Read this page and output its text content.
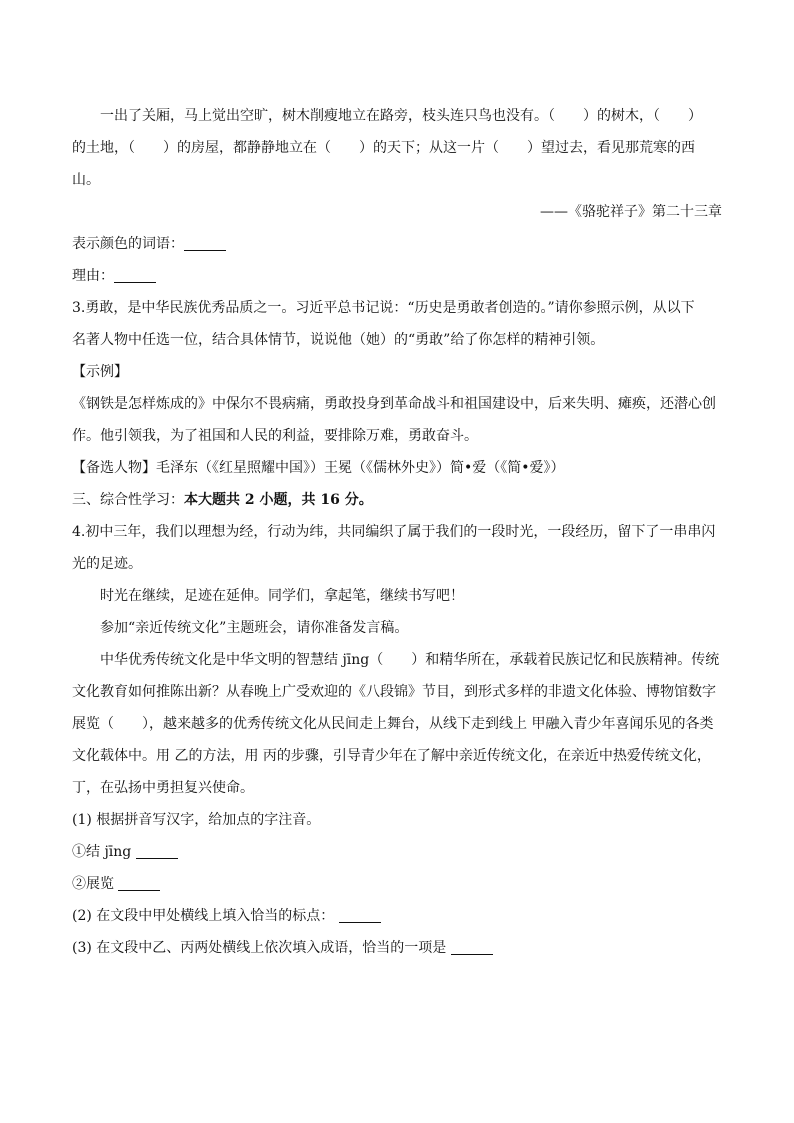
一出了关厢，马上觉出空旷，树木削瘦地立在路旁，枝头连只鸟也没有。（　　）的树木，（　　）

的土地，（　　）的房屋，都静静地立在（　　）的天下；从这一片（　　）望过去，看见那荒寒的西

山。

——《骆驼祥子》第二十三章

表示颜色的词语：

理由：

3.勇敢，是中华民族优秀品质之一。习近平总书记说：“历史是勇敢者创造的。”请你参照示例，从以下

名著人物中任选一位，结合具体情节，说说他（她）的“勇敢”给了你怎样的精神引领。

【示例】

《钢铁是怎样炼成的》中保尔不畏病痛，勇敢投身到革命战斗和祖国建设中，后来失明、瘫痪，还潜心创

作。他引领我，为了祖国和人民的利益，要排除万难，勇敢奋斗。

【备选人物】毛泽东（《红星照耀中国》）王冕（《儒林外史》）简•爱（《简•爱》）

三、综合性学习：本大题共 2 小题，共 16 分。

4.初中三年，我们以理想为经，行动为纬，共同编织了属于我们的一段时光，一段经历，留下了一串串闪

光的足迹。

时光在继续，足迹在延伸。同学们，拿起笔，继续书写吧！

参加“亲近传统文化”主题班会，请你准备发言稿。

中华优秀传统文化是中华文明的智慧结 jīng（　　）和精华所在，承载着民族记忆和民族精神。传统

文化教育如何推陈出新？从春晚上广受欢迎的《八段锦》节目，到形式多样的非遗文化体验、博物馆数字

展览（　　），越来越多的优秀传统文化从民间走上舞台，从线下走到线上 甲融入青少年喜闻乐见的各类

文化载体中。用 乙的方法，用 丙的步骤，引导青少年在了解中亲近传统文化，在亲近中热爱传统文化，

丁，在弘扬中勇担复兴使命。

(1) 根据拼音写汉字，给加点的字注音。

①结 jīng

②展览

(2) 在文段中甲处横线上填入恰当的标点：

(3) 在文段中乙、丙两处横线上依次填入成语，恰当的一项是
